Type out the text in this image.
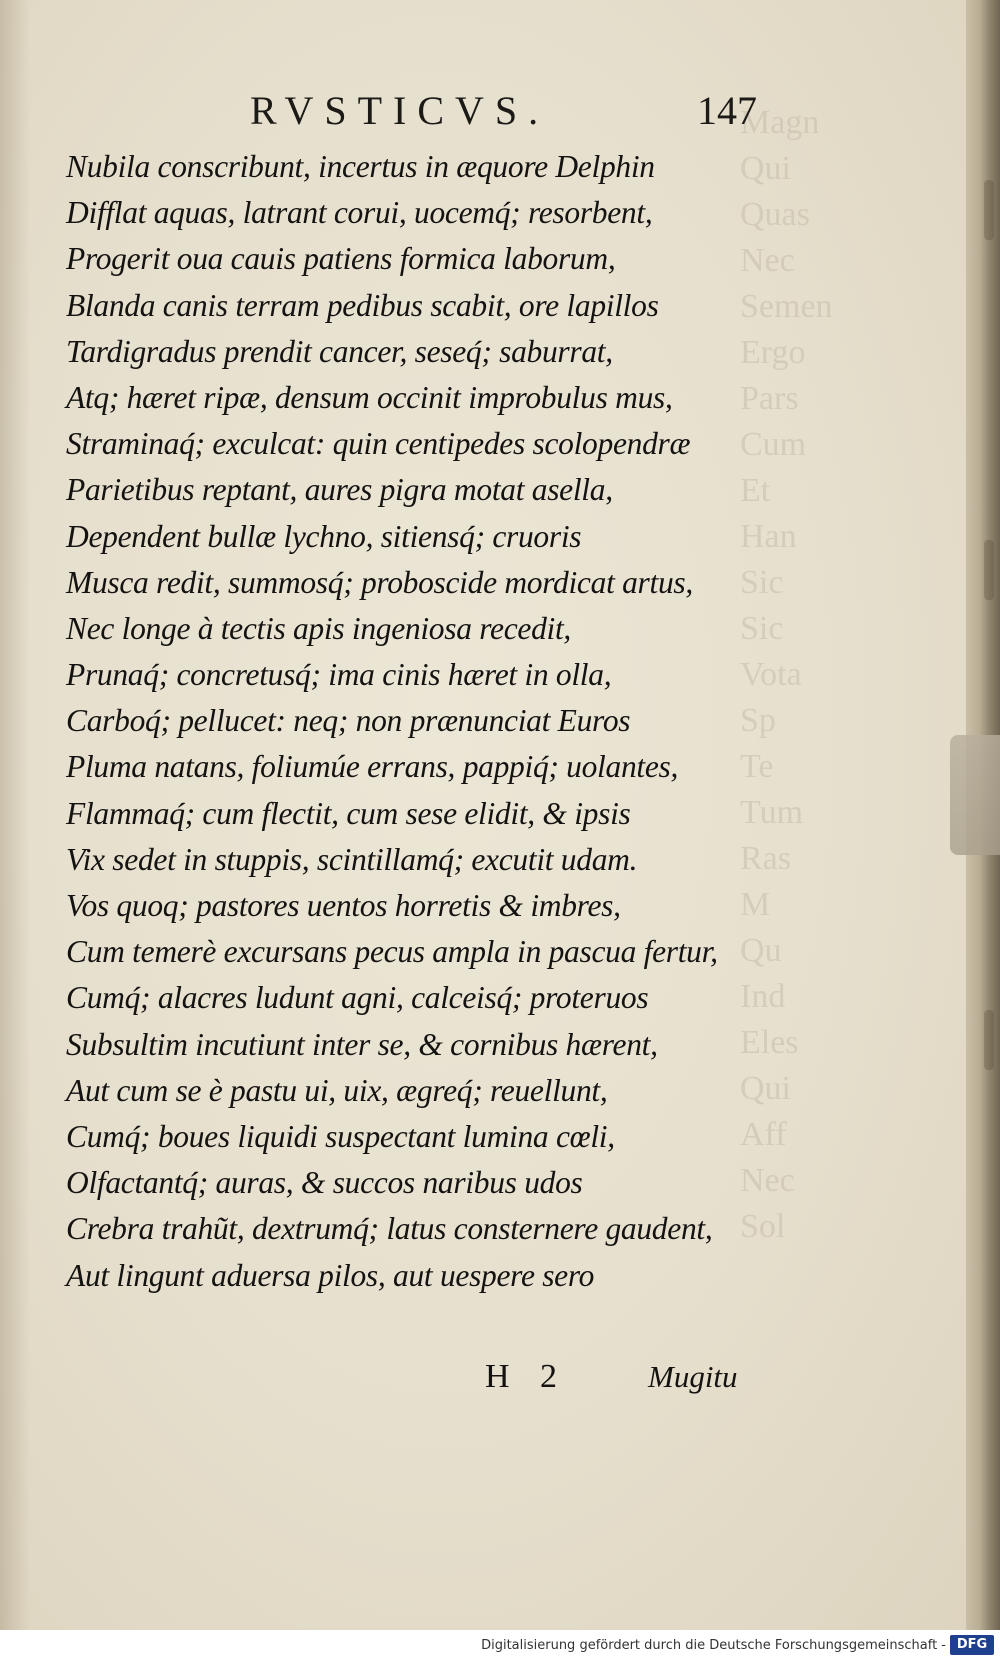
Magn
Qui
Quas
Nec
Semen
Ergo
Pars
Cum
Et
Han
Sic
Sic
Vota
Sp
Te
Tum
Ras
M
Qu
Ind
Eles
Qui
Aff
Nec
Sol
RVSTICVS.	147
Nubila conscribunt, incertus in æquore Delphin
Difflat aquas, latrant corui, uocemq́; resorbent,
Progerit oua cauis patiens formica laborum,
Blanda canis terram pedibus scabit, ore lapillos
Tardigradus prendit cancer, seseq́; saburrat,
Atq; hæret ripæ, densum occinit improbulus mus,
Straminaq́; exculcat: quin centipedes scolopendræ
Parietibus reptant, aures pigra motat asella,
Dependent bullæ lychno, sitiensq́; cruoris
Musca redit, summosq́; proboscide mordicat artus,
Nec longe à tectis apis ingeniosa recedit,
Prunaq́; concretusq́; ima cinis hæret in olla,
Carboq́; pellucet: neq; non prænunciat Euros
Pluma natans, foliumúe errans, pappiq́; uolantes,
Flammaq́; cum flectit, cum sese elidit, & ipsis
Vix sedet in stuppis, scintillamq́; excutit udam.
Vos quoq; pastores uentos horretis & imbres,
Cum temerè excursans pecus ampla in pascua fertur,
Cumq́; alacres ludunt agni, calceisq́; proteruos
Subsultim incutiunt inter se, & cornibus hærent,
Aut cum se è pastu ui, uix, ægreq́; reuellunt,
Cumq́; boues liquidi suspectant lumina cœli,
Olfactantq́; auras, & succos naribus udos
Crebra trahũt, dextrumq́; latus consternere gaudent,
Aut lingunt aduersa pilos, aut uespere sero
H 2	Mugitu
Digitalisierung gefördert durch die Deutsche Forschungsgemeinschaft - DFG
